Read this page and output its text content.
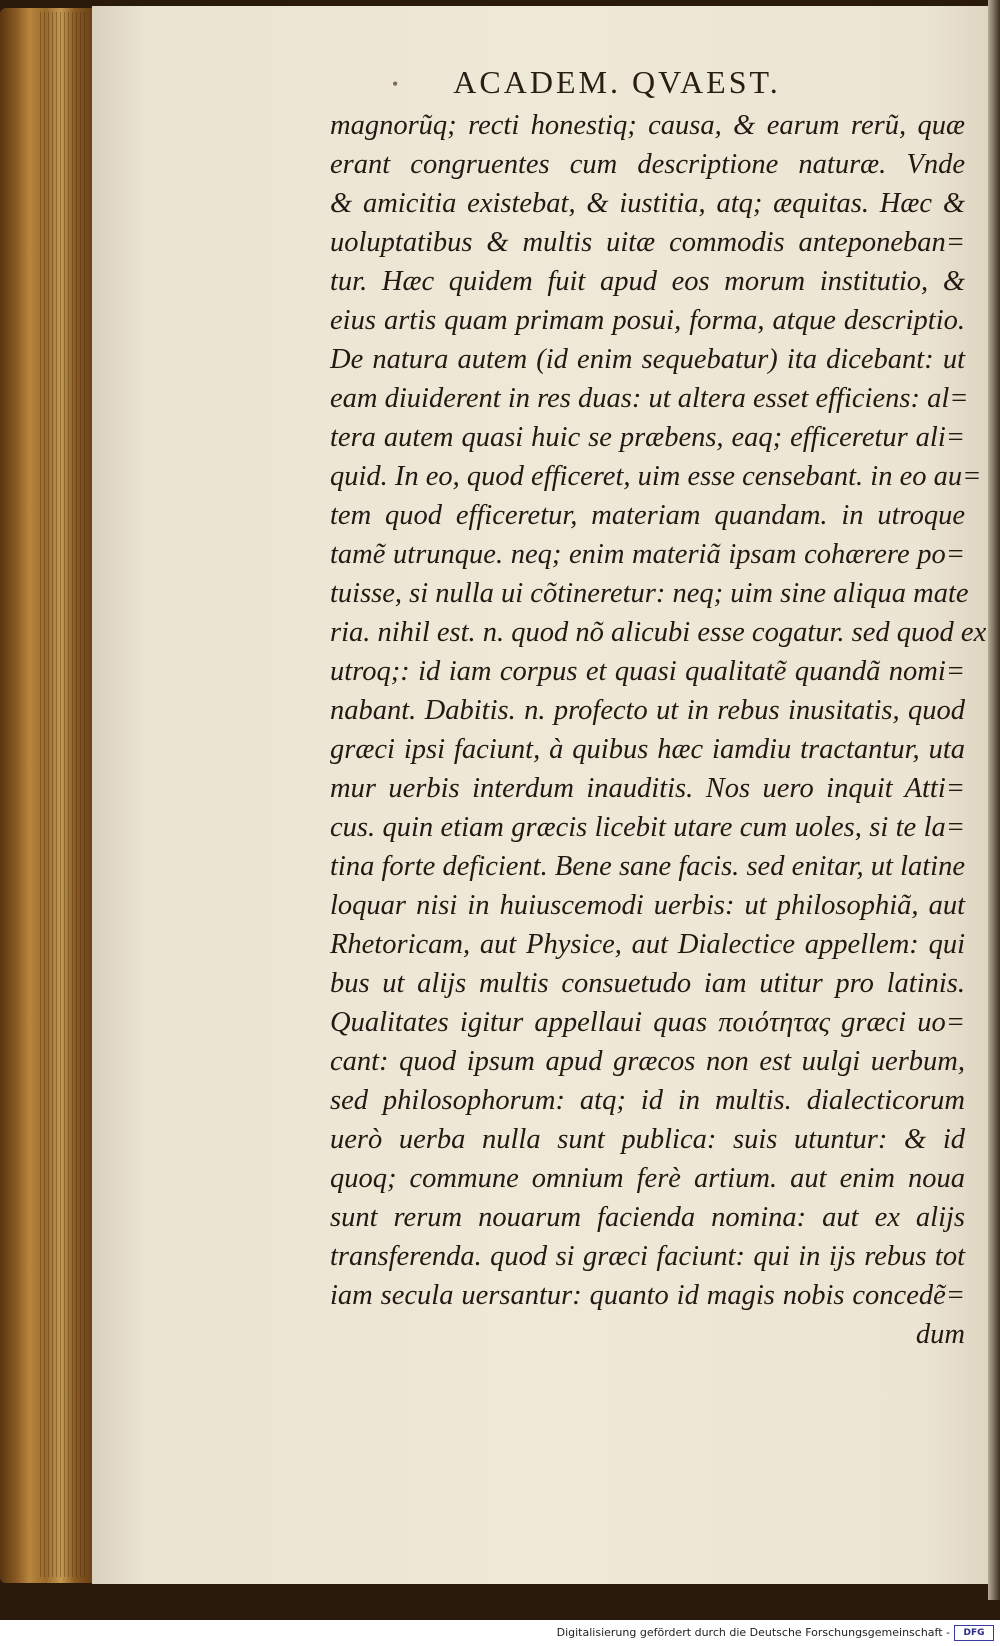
• ACADEM. QVAEST.
magnorũq; recti honestiq; causa, & earum rerũ, quæ
erant congruentes cum descriptione naturæ. Vnde
& amicitia existebat, & iustitia, atq; æquitas. Hæc &
uoluptatibus & multis uitæ commodis anteponeban=
tur. Hæc quidem fuit apud eos morum institutio, &
eius artis quam primam posui, forma, atque descriptio.
De natura autem (id enim sequebatur) ita dicebant: ut
eam diuiderent in res duas: ut altera esset efficiens: al=
tera autem quasi huic se præbens, eaq; efficeretur ali=
quid. In eo, quod efficeret, uim esse censebant. in eo au=
tem quod efficeretur, materiam quandam. in utroque
tamẽ utrunque. neq; enim materiã ipsam cohærere po=
tuisse, si nulla ui cõtineretur: neq; uim sine aliqua mate
ria. nihil est. n. quod nõ alicubi esse cogatur. sed quod ex
utroq;: id iam corpus et quasi qualitatẽ quandã nomi=
nabant. Dabitis. n. profecto ut in rebus inusitatis, quod
græci ipsi faciunt, à quibus hæc iamdiu tractantur, uta
mur uerbis interdum inauditis. Nos uero inquit Atti=
cus. quin etiam græcis licebit utare cum uoles, si te la=
tina forte deficient. Bene sane facis. sed enitar, ut latine
loquar nisi in huiuscemodi uerbis: ut philosophiã, aut
Rhetoricam, aut Physice, aut Dialectice appellem: qui
bus ut alijs multis consuetudo iam utitur pro latinis.
Qualitates igitur appellaui quas ποιότητας græci uo=
cant: quod ipsum apud græcos non est uulgi uerbum,
sed philosophorum: atq; id in multis. dialecticorum
uerò uerba nulla sunt publica: suis utuntur: & id
quoq; commune omnium ferè artium. aut enim noua
sunt rerum nouarum facienda nomina: aut ex alijs
transferenda. quod si græci faciunt: qui in ijs rebus tot
iam secula uersantur: quanto id magis nobis concedẽ=
dum
Digitalisierung gefördert durch die Deutsche Forschungsgemeinschaft -	DFG
